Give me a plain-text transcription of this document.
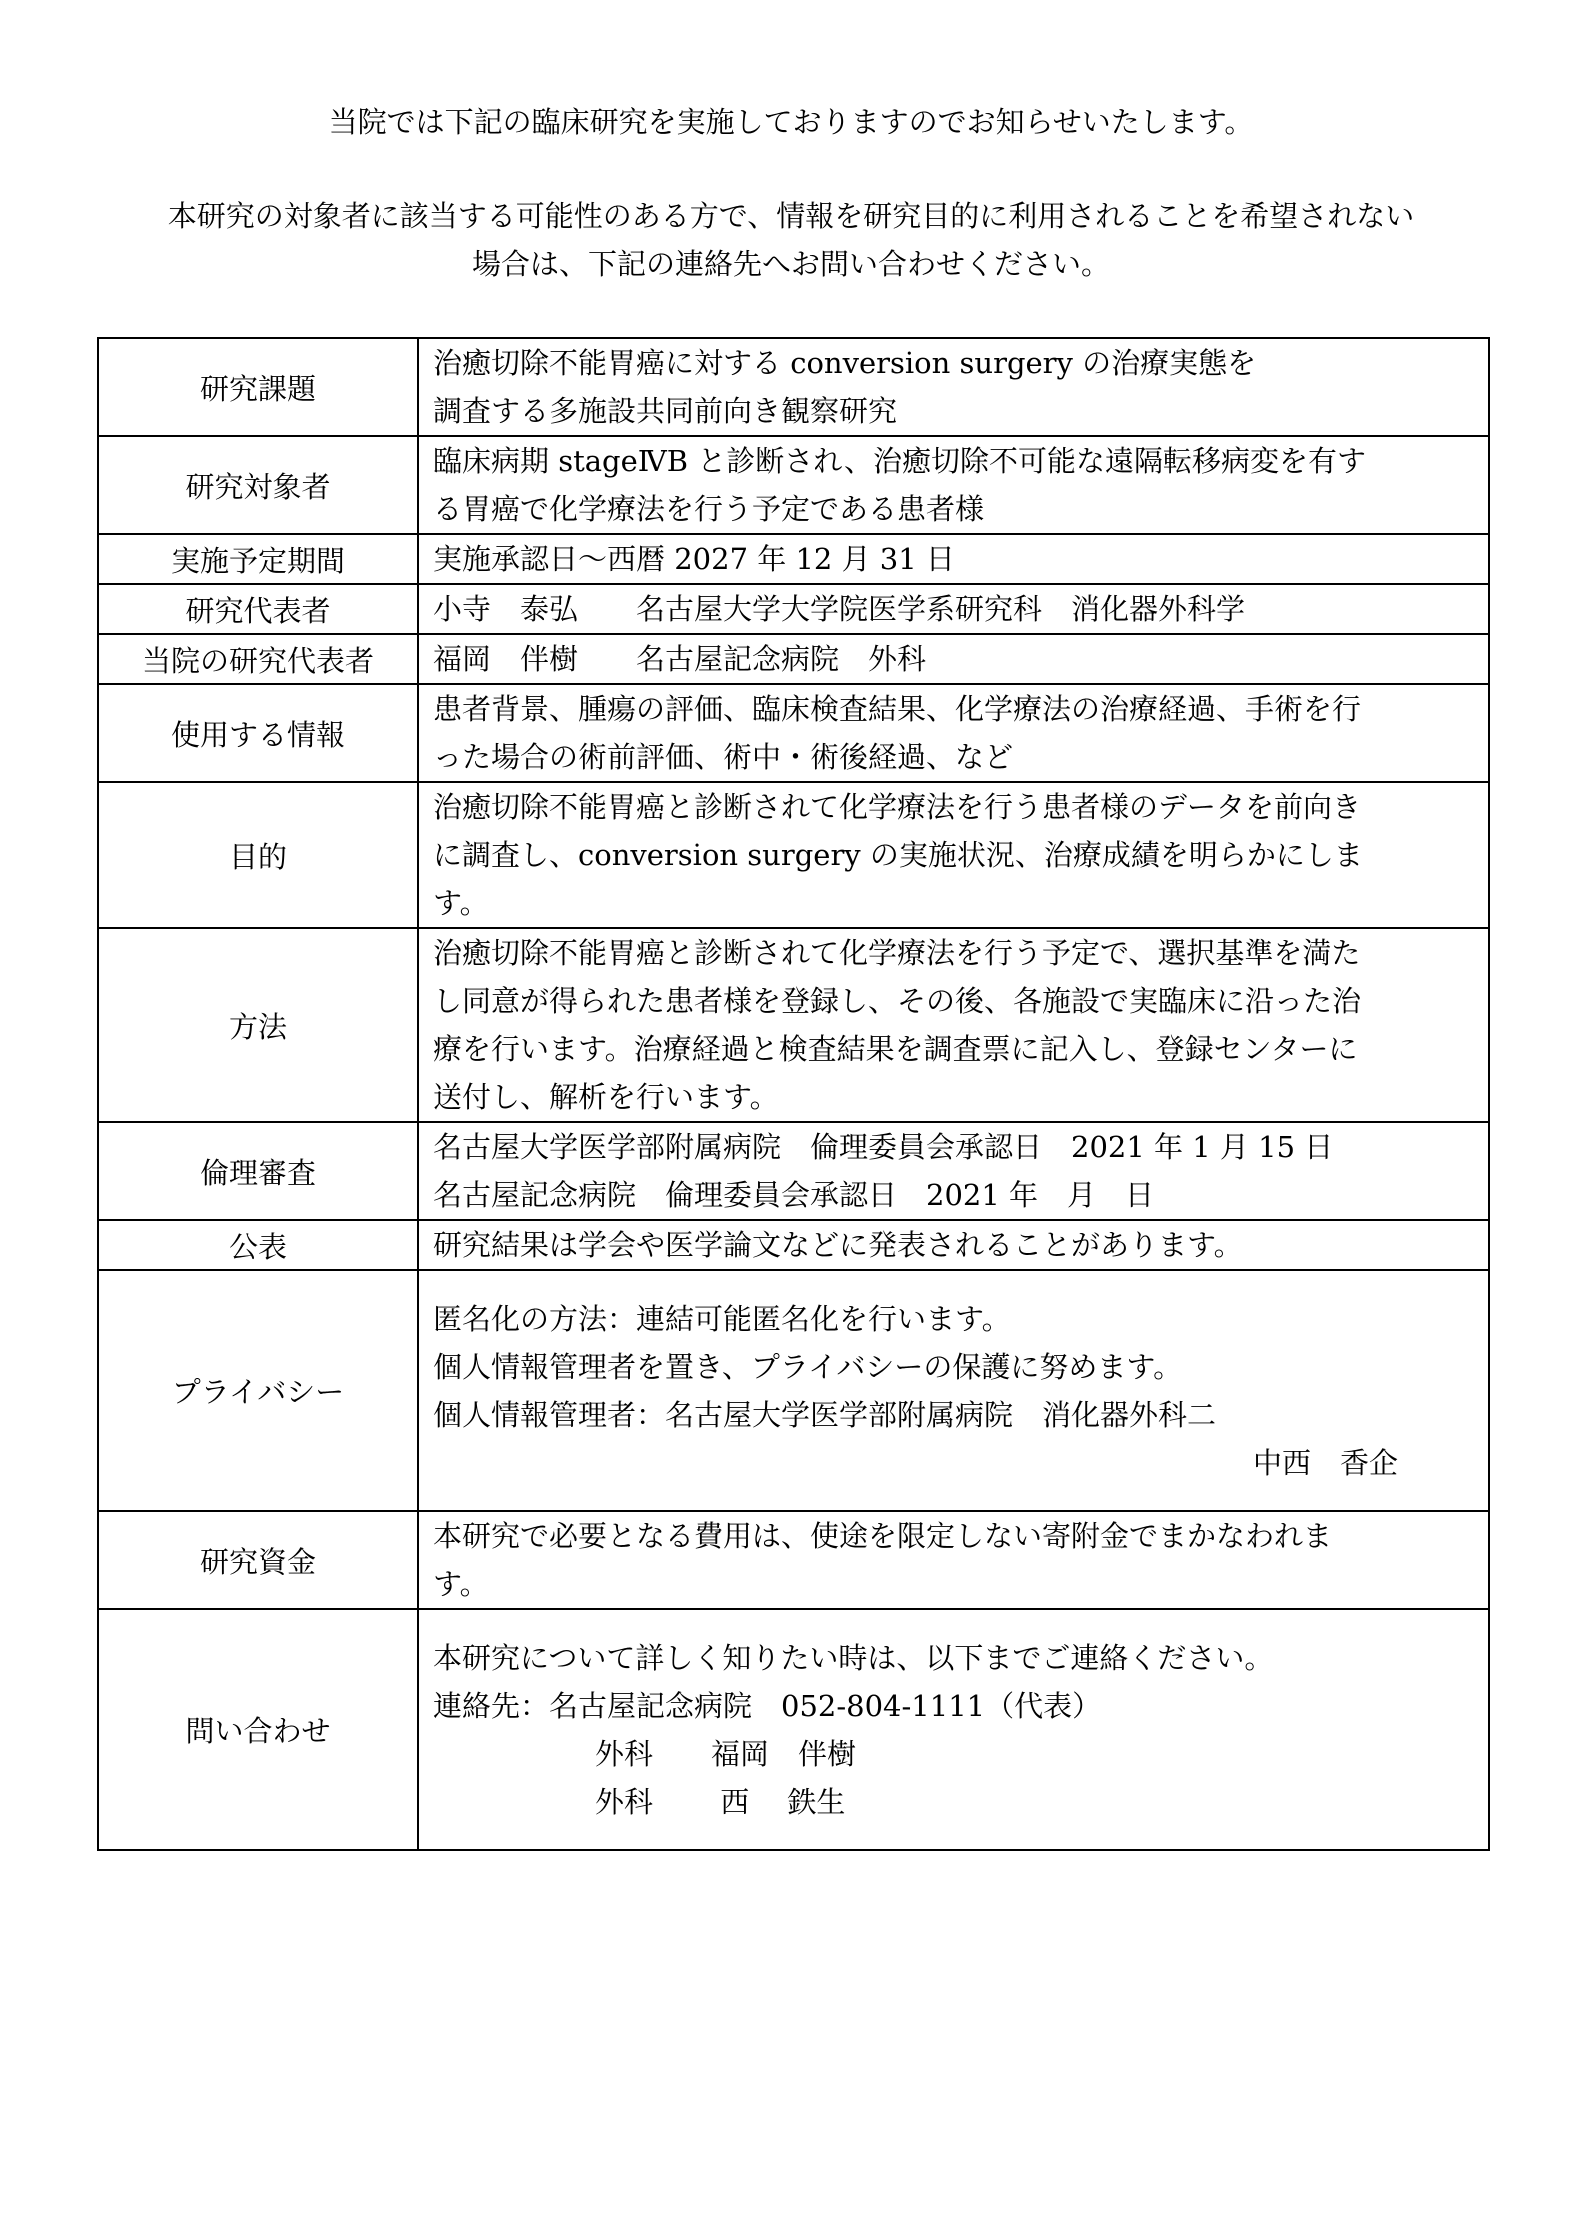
当院では下記の臨床研究を実施しておりますのでお知らせいたします。
本研究の対象者に該当する可能性のある方で、情報を研究目的に利用されることを希望されない
場合は、下記の連絡先へお問い合わせください。
研究課題	治癒切除不能胃癌に対する conversion surgery の治療実態を
調査する多施設共同前向き観察研究

研究対象者	臨床病期 stageⅣB と診断され、治癒切除不可能な遠隔転移病変を有す
る胃癌で化学療法を行う予定である患者様

実施予定期間	実施承認日～西暦 2027 年 12 月 31 日

研究代表者	小寺　泰弘　　名古屋大学大学院医学系研究科　消化器外科学

当院の研究代表者	福岡　伴樹　　名古屋記念病院　外科

使用する情報	患者背景、腫瘍の評価、臨床検査結果、化学療法の治療経過、手術を行
った場合の術前評価、術中・術後経過、など

目的	治癒切除不能胃癌と診断されて化学療法を行う患者様のデータを前向き
に調査し、conversion surgery の実施状況、治療成績を明らかにしま
す。

方法	治癒切除不能胃癌と診断されて化学療法を行う予定で、選択基準を満た
し同意が得られた患者様を登録し、その後、各施設で実臨床に沿った治
療を行います。治療経過と検査結果を調査票に記入し、登録センターに
送付し、解析を行います。

倫理審査	名古屋大学医学部附属病院　倫理委員会承認日　2021 年 1 月 15 日
名古屋記念病院　倫理委員会承認日　2021 年　月　日

公表	研究結果は学会や医学論文などに発表されることがあります。

プライバシー	匿名化の方法：連結可能匿名化を行います。
個人情報管理者を置き、プライバシーの保護に努めます。
個人情報管理者：名古屋大学医学部附属病院　消化器外科二
中西　香企

研究資金	本研究で必要となる費用は、使途を限定しない寄附金でまかなわれま
す。

問い合わせ	本研究について詳しく知りたい時は、以下までご連絡ください。
連絡先：名古屋記念病院　052-804-1111（代表）
外科　　福岡　伴樹
外科　　 西　 鉄生
